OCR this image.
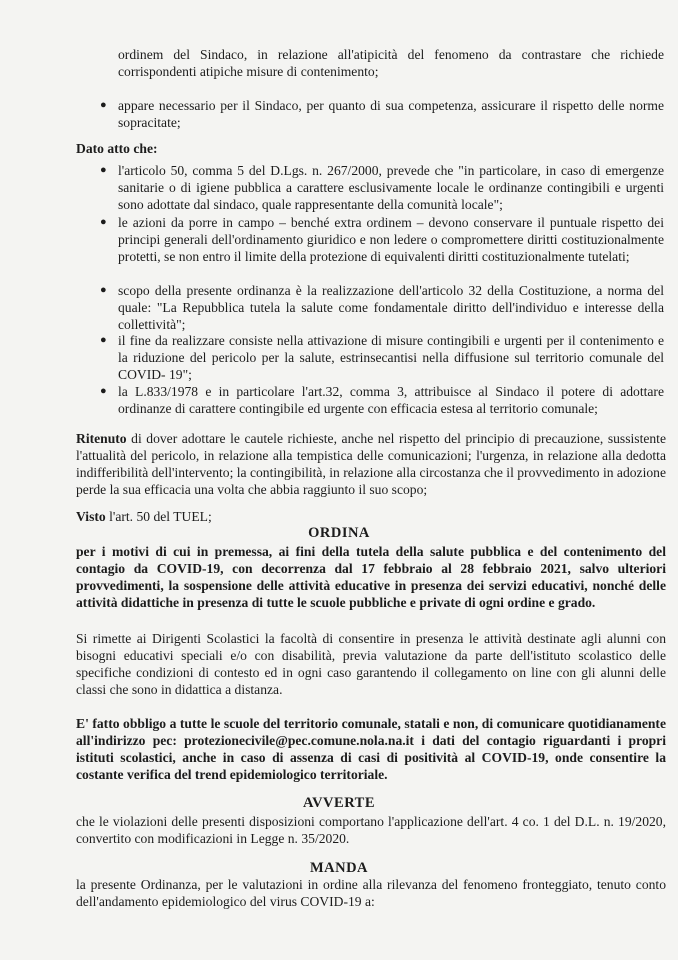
ordinem del Sindaco, in relazione all'atipicità del fenomeno da contrastare che richiede corrispondenti atipiche misure di contenimento;
● appare necessario per il Sindaco, per quanto di sua competenza, assicurare il rispetto delle norme sopracitate;
Dato atto che:
● l'articolo 50, comma 5 del D.Lgs. n. 267/2000, prevede che "in particolare, in caso di emergenze sanitarie o di igiene pubblica a carattere esclusivamente locale le ordinanze contingibili e urgenti sono adottate dal sindaco, quale rappresentante della comunità locale";
● le azioni da porre in campo – benché extra ordinem – devono conservare il puntuale rispetto dei principi generali dell'ordinamento giuridico e non ledere o compromettere diritti costituzionalmente protetti, se non entro il limite della protezione di equivalenti diritti costituzionalmente tutelati;
● scopo della presente ordinanza è la realizzazione dell'articolo 32 della Costituzione, a norma del quale: "La Repubblica tutela la salute come fondamentale diritto dell'individuo e interesse della collettività";
● il fine da realizzare consiste nella attivazione di misure contingibili e urgenti per il contenimento e la riduzione del pericolo per la salute, estrinsecantisi nella diffusione sul territorio comunale del COVID- 19";
● la L.833/1978 e in particolare l'art.32, comma 3, attribuisce al Sindaco il potere di adottare ordinanze di carattere contingibile ed urgente con efficacia estesa al territorio comunale;
Ritenuto di dover adottare le cautele richieste, anche nel rispetto del principio di precauzione, sussistente l'attualità del pericolo, in relazione alla tempistica delle comunicazioni; l'urgenza, in relazione alla dedotta indifferibilità dell'intervento; la contingibilità, in relazione alla circostanza che il provvedimento in adozione perde la sua efficacia una volta che abbia raggiunto il suo scopo;
Visto l'art. 50 del TUEL;
ORDINA
per i motivi di cui in premessa, ai fini della tutela della salute pubblica e del contenimento del contagio da COVID-19, con decorrenza dal 17 febbraio al 28 febbraio 2021, salvo ulteriori provvedimenti, la sospensione delle attività educative in presenza dei servizi educativi, nonché delle attività didattiche in presenza di tutte le scuole pubbliche e private di ogni ordine e grado.
Si rimette ai Dirigenti Scolastici la facoltà di consentire in presenza le attività destinate agli alunni con bisogni educativi speciali e/o con disabilità, previa valutazione da parte dell'istituto scolastico delle specifiche condizioni di contesto ed in ogni caso garantendo il collegamento on line con gli alunni delle classi che sono in didattica a distanza.
E' fatto obbligo a tutte le scuole del territorio comunale, statali e non, di comunicare quotidianamente all'indirizzo pec: protezionecivile@pec.comune.nola.na.it i dati del contagio riguardanti i propri istituti scolastici, anche in caso di assenza di casi di positività al COVID-19, onde consentire la costante verifica del trend epidemiologico territoriale.
AVVERTE
che le violazioni delle presenti disposizioni comportano l'applicazione dell'art. 4 co. 1 del D.L. n. 19/2020, convertito con modificazioni in Legge n. 35/2020.
MANDA
la presente Ordinanza, per le valutazioni in ordine alla rilevanza del fenomeno fronteggiato, tenuto conto dell'andamento epidemiologico del virus COVID-19 a:
